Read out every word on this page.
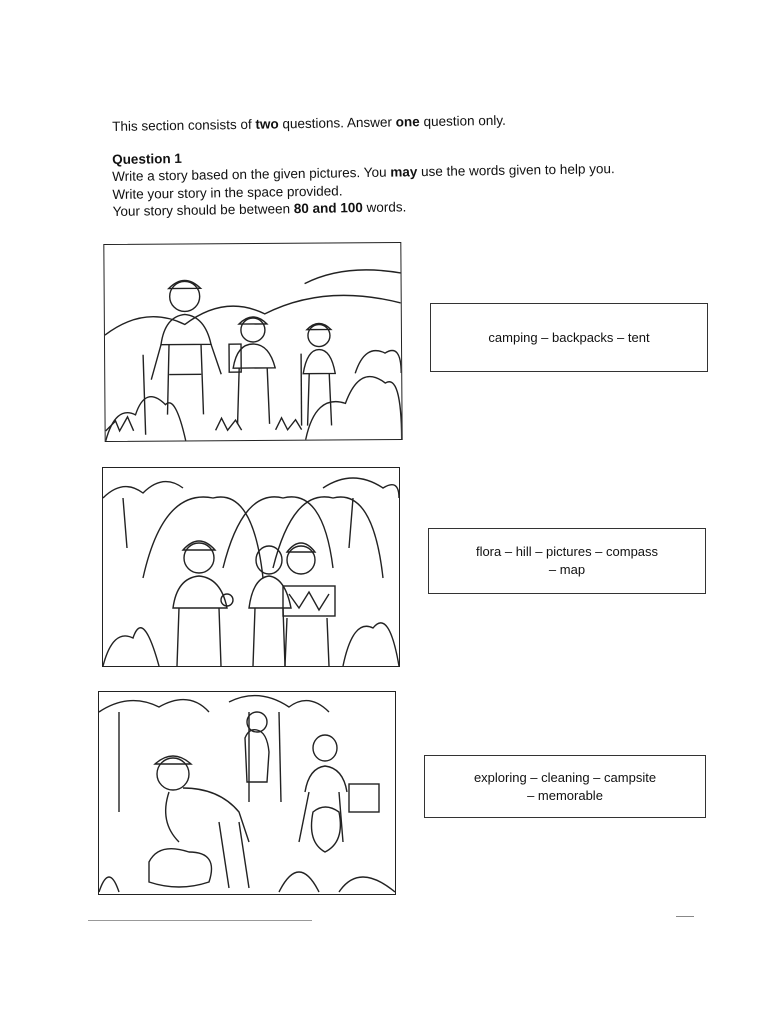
This section consists of two questions. Answer one question only.
Question 1
Write a story based on the given pictures. You may use the words given to help you.
Write your story in the space provided.
Your story should be between 80 and 100 words.
camping – backpacks – tent
flora – hill – pictures – compass
– map
exploring – cleaning – campsite
– memorable
